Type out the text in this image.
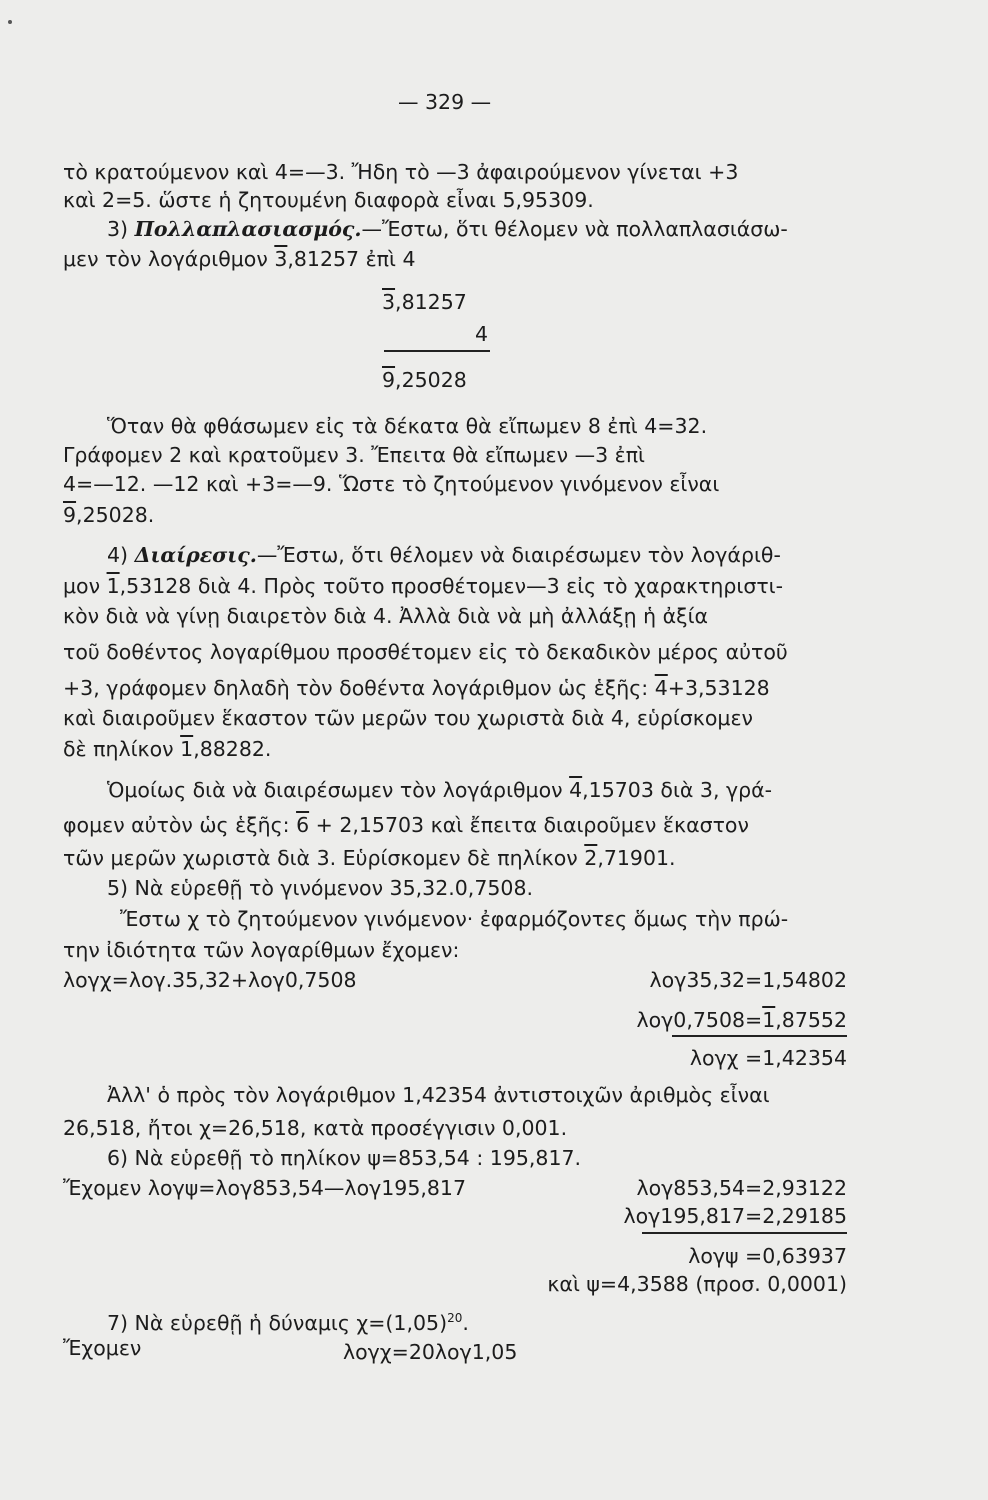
— 329 —
τὸ κρατούμενον καὶ 4=—3. Ἤδη τὸ —3 ἀφαιρούμενον γίνεται +3
καὶ 2=5. ὥστε ἡ ζητουμένη διαφορὰ εἶναι 5,95309.
3) Πολλαπλασιασμός.—Ἔστω, ὅτι θέλομεν νὰ πολλαπλασιάσω-
μεν τὸν λογάριθμον 3,81257 ἐπὶ 4
3,81257
4
9,25028
Ὅταν θὰ φθάσωμεν εἰς τὰ δέκατα θὰ εἴπωμεν 8 ἐπὶ 4=32.
Γράφομεν 2 καὶ κρατοῦμεν 3. Ἔπειτα θὰ εἴπωμεν —3 ἐπὶ
4=—12. —12 καὶ +3=—9. Ὥστε τὸ ζητούμενον γινόμενον εἶναι
9,25028.
4) Διαίρεσις.—Ἔστω, ὅτι θέλομεν νὰ διαιρέσωμεν τὸν λογάριθ-
μον 1,53128 διὰ 4. Πρὸς τοῦτο προσθέτομεν—3 εἰς τὸ χαρακτηριστι-
κὸν διὰ νὰ γίνῃ διαιρετὸν διὰ 4. Ἀλλὰ διὰ νὰ μὴ ἀλλάξῃ ἡ ἀξία
τοῦ δοθέντος λογαρίθμου προσθέτομεν εἰς τὸ δεκαδικὸν μέρος αὐτοῦ
+3, γράφομεν δηλαδὴ τὸν δοθέντα λογάριθμον ὡς ἑξῆς: 4+3,53128
καὶ διαιροῦμεν ἕκαστον τῶν μερῶν του χωριστὰ διὰ 4, εὑρίσκομεν
δὲ πηλίκον 1,88282.
Ὁμοίως διὰ νὰ διαιρέσωμεν τὸν λογάριθμον 4,15703 διὰ 3, γρά-
φομεν αὐτὸν ὡς ἑξῆς: 6 + 2,15703 καὶ ἔπειτα διαιροῦμεν ἕκαστον
τῶν μερῶν χωριστὰ διὰ 3. Εὑρίσκομεν δὲ πηλίκον 2,71901.
5) Νὰ εὑρεθῇ τὸ γινόμενον 35,32.0,7508.
Ἔστω χ τὸ ζητούμενον γινόμενον· ἐφαρμόζοντες ὅμως τὴν πρώ-
την ἰδιότητα τῶν λογαρίθμων ἔχομεν:
λογχ=λογ.35,32+λογ0,7508	λογ35,32=1,54802
λογ0,7508=1,87552
λογχ =1,42354
Ἀλλ' ὁ πρὸς τὸν λογάριθμον 1,42354 ἀντιστοιχῶν ἀριθμὸς εἶναι
26,518, ἤτοι χ=26,518, κατὰ προσέγγισιν 0,001.
6) Νὰ εὑρεθῇ τὸ πηλίκον ψ=853,54 : 195,817.
Ἔχομεν λογψ=λογ853,54—λογ195,817	λογ853,54=2,93122
λογ195,817=2,29185
λογψ =0,63937
καὶ ψ=4,3588 (προσ. 0,0001)
7) Νὰ εὑρεθῇ ἡ δύναμις $\chi=(1,05)^{20}$.
Ἔχομεν	λογχ=20λογ1,05
